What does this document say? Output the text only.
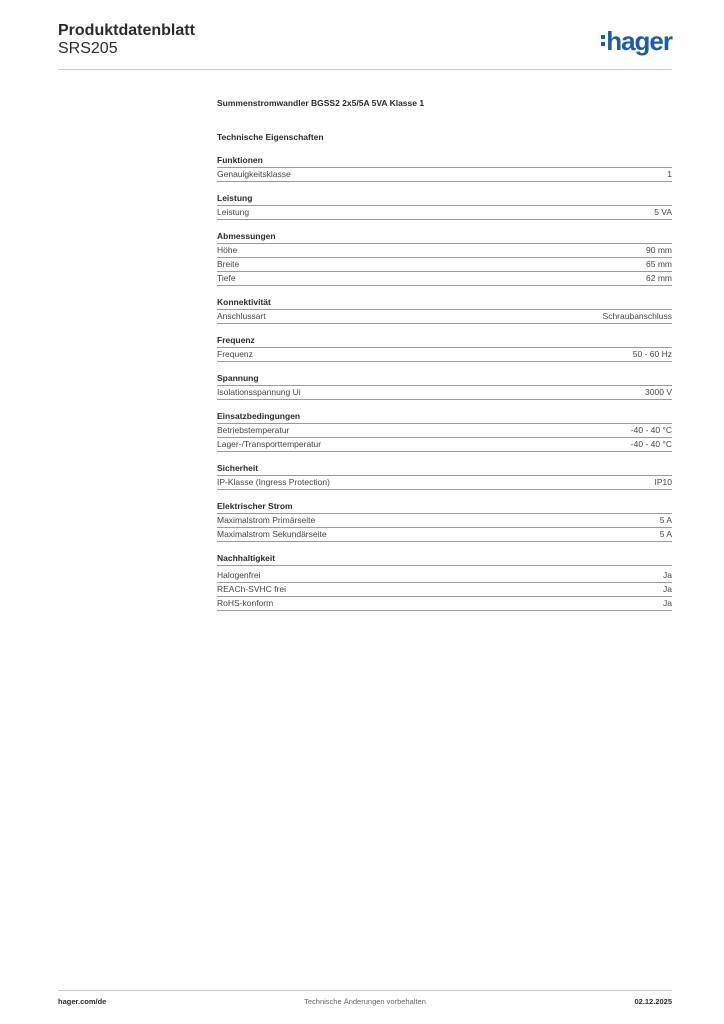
Produktdatenblatt
SRS205	hager
Summenstromwandler BGSS2 2x5/5A 5VA Klasse 1
Technische Eigenschaften
Funktionen
Genauigkeitsklasse	1
Leistung
Leistung	5 VA
Abmessungen
Höhe	90 mm
Breite	65 mm
Tiefe	62 mm
Konnektivität
Anschlussart	Schraubanschluss
Frequenz
Frequenz	50 - 60 Hz
Spannung
Isolationsspannung Ui	3000 V
Einsatzbedingungen
Betriebstemperatur	-40 - 40 °C
Lager-/Transporttemperatur	-40 - 40 °C
Sicherheit
IP-Klasse (Ingress Protection)	IP10
Elektrischer Strom
Maximalstrom Primärseite	5 A
Maximalstrom Sekundärseite	5 A
Nachhaltigkeit
Halogenfrei	Ja
REACh-SVHC frei	Ja
RoHS-konform	Ja
hager.com/de	Technische Änderungen vorbehalten	02.12.2025
